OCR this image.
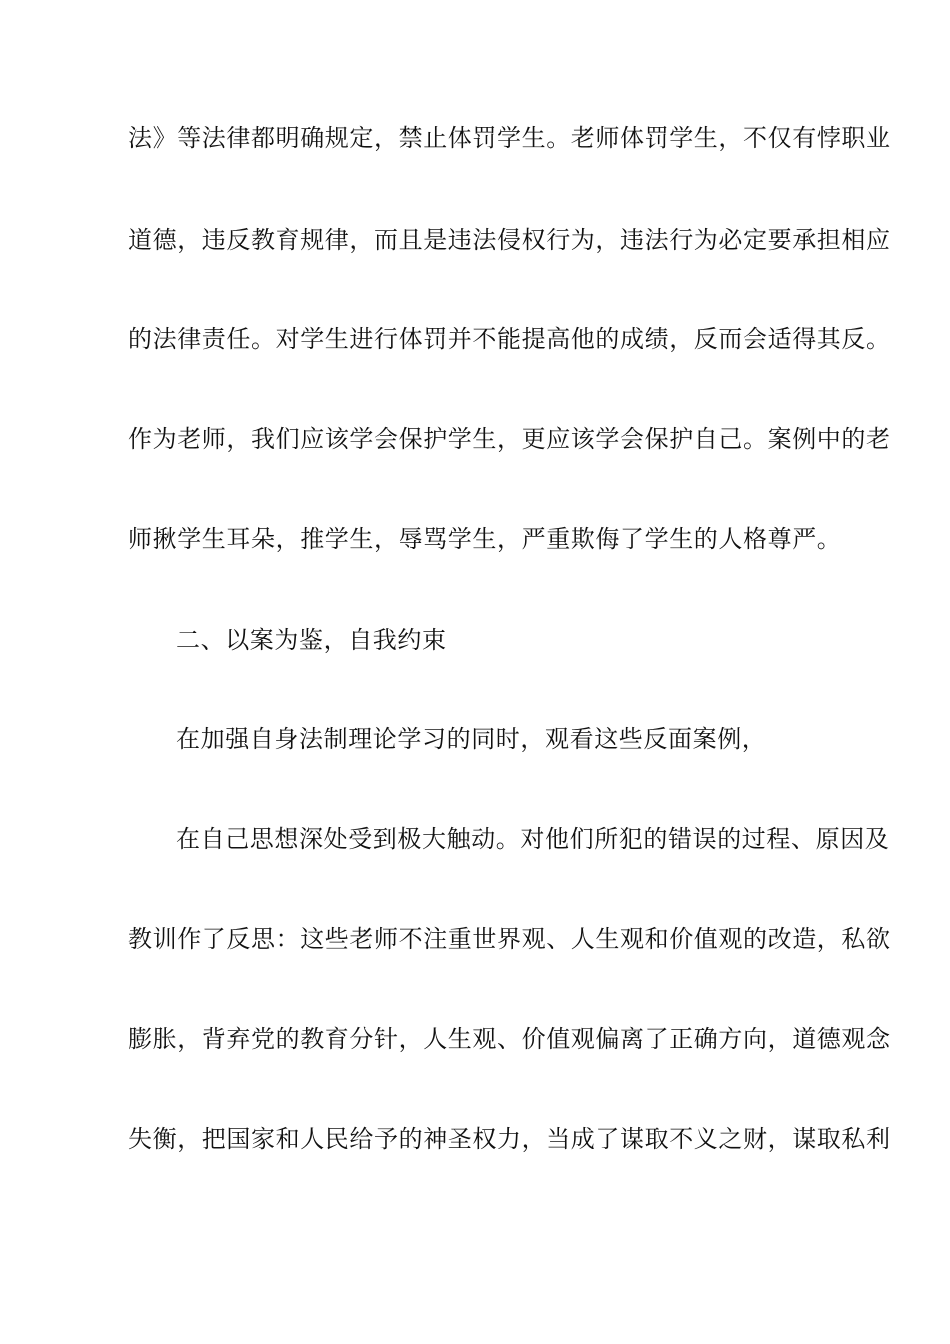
法》等法律都明确规定，禁止体罚学生。老师体罚学生，不仅有悖职业
道德，违反教育规律，而且是违法侵权行为，违法行为必定要承担相应
的法律责任。对学生进行体罚并不能提高他的成绩，反而会适得其反。
作为老师，我们应该学会保护学生，更应该学会保护自己。案例中的老
师揪学生耳朵，推学生，辱骂学生，严重欺侮了学生的人格尊严。
二、以案为鉴，自我约束
在加强自身法制理论学习的同时，观看这些反面案例，
在自己思想深处受到极大触动。对他们所犯的错误的过程、原因及
教训作了反思：这些老师不注重世界观、人生观和价值观的改造，私欲
膨胀，背弃党的教育分针，人生观、价值观偏离了正确方向，道德观念
失衡，把国家和人民给予的神圣权力，当成了谋取不义之财，谋取私利
